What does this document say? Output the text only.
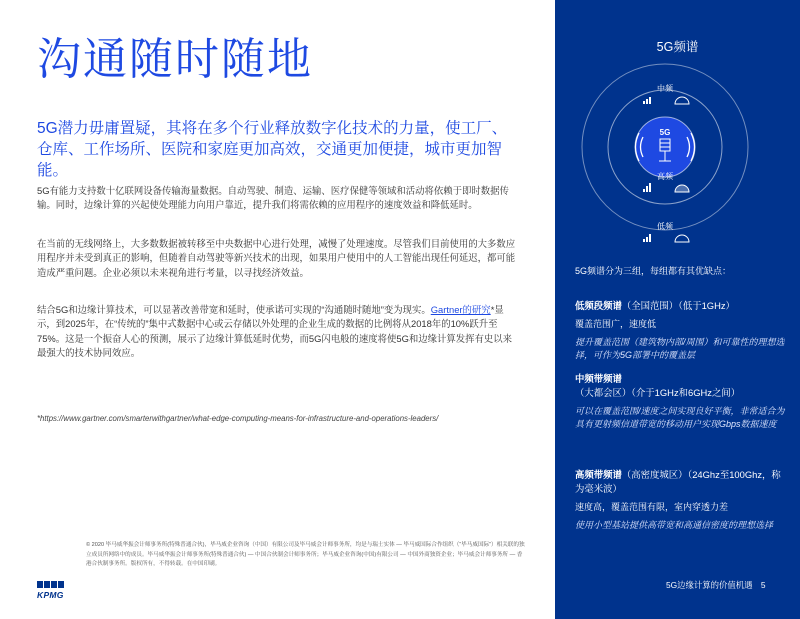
沟通随时随地
5G潜力毋庸置疑，其将在多个行业释放数字化技术的力量，使工厂、仓库、工作场所、医院和家庭更加高效，交通更加便捷，城市更加智能。
5G有能力支持数十亿联网设备传输海量数据。自动驾驶、制造、运输、医疗保健等领域和活动将依赖于即时数据传输。同时，边缘计算的兴起使处理能力向用户靠近，提升我们将需依赖的应用程序的速度效益和降低延时。
在当前的无线网络上，大多数数据被转移至中央数据中心进行处理，减慢了处理速度。尽管我们目前使用的大多数应用程序并未受到真正的影响，但随着自动驾驶等新兴技术的出现，如果用户使用中的人工智能出现任何延迟，都可能造成严重问题。企业必须以未来视角进行考量，以寻找经济效益。
结合5G和边缘计算技术，可以显著改善带宽和延时，使承诺可实现的“沟通随时随地”变为现实。Gartner的研究*显示，到2025年，在“传统的”集中式数据中心或云存储以外处理的企业生成的数据的比例将从2018年的10%跃升至75%。这是一个振奋人心的预测，展示了边缘计算低延时优势，而5G闪电般的速度将使5G和边缘计算发挥有史以来最强大的技术协同效应。
*https://www.gartner.com/smarterwithgartner/what-edge-computing-means-for-infrastructure-and-operations-leaders/
KPMG
© 2020 毕马威华振会计师事务所(特殊普通合伙)，毕马威企业咨询（中国）有限公司及毕马威会计师事务所，均是与瑞士实体 — 毕马威国际合作组织（“毕马威国际”）相关联的独立成员所网络中的成员。毕马威华振会计师事务所(特殊普通合伙) — 中国合伙制会计师事务所；毕马威企业咨询(中国)有限公司 — 中国外商独资企业；毕马威会计师事务所 — 香港合伙制事务所。版权所有，不得转载。在中国印刷。
5G频谱
5G
中频
高频
低频
5G频谱分为三组，每组都有其优缺点：
低频段频谱（全国范围）（低于1GHz）
覆盖范围广，速度低
提升覆盖范围（建筑物内部/周围）和可靠性的理想选择，可作为5G部署中的覆盖层
中频带频谱（大都会区）（介于1GHz和6GHz之间）
可以在覆盖范围/速度之间实现良好平衡，非常适合为具有更射频信道带宽的移动用户实现Gbps数据速度
高频带频谱（高密度城区）（24Ghz至100Ghz，称为毫米波）
速度高，覆盖范围有限，室内穿透力差
使用小型基站提供高带宽和高通信密度的理想选择
5G边缘计算的价值机遇　5
